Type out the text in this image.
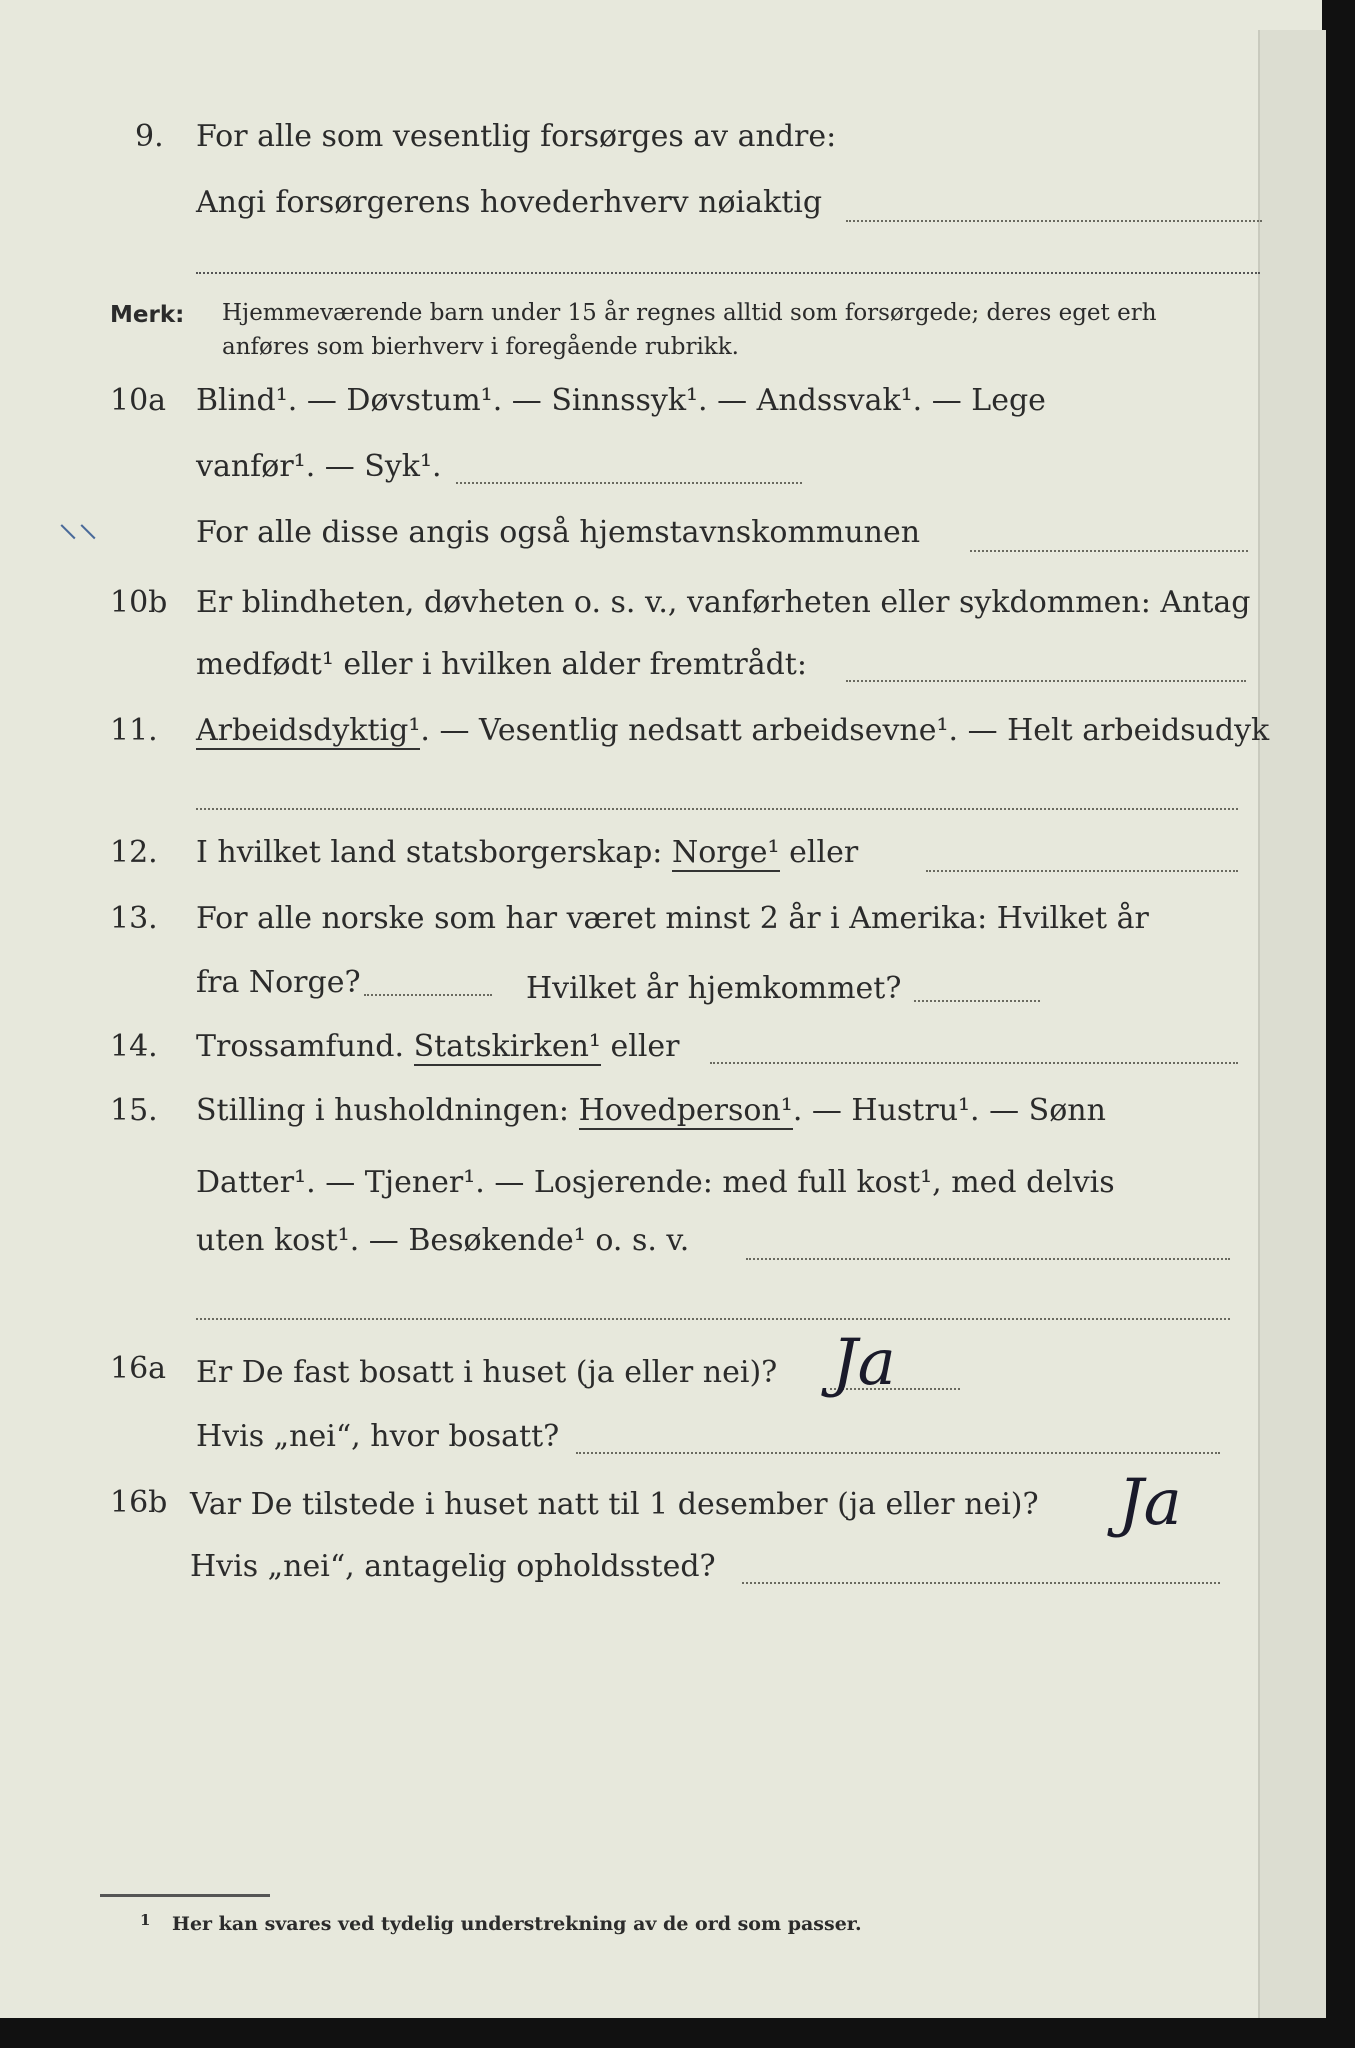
9. For alle som vesentlig forsørges av andre:
Angi forsørgerens hovederhverv nøiaktig
Merk: Hjemmeværende barn under 15 år regnes alltid som forsørgede; deres eget erh
anføres som bierhverv i foregående rubrikk.
10a Blind¹. — Døvstum¹. — Sinnssyk¹. — Andssvak¹. — Lege
vanfør¹. — Syk¹.
For alle disse angis også hjemstavnskommunen
⸜⸜
10b Er blindheten, døvheten o. s. v., vanførheten eller sykdommen: Antag
medfødt¹ eller i hvilken alder fremtrådt:
11. Arbeidsdyktig¹. — Vesentlig nedsatt arbeidsevne¹. — Helt arbeidsudyk
12. I hvilket land statsborgerskap: Norge¹ eller
13. For alle norske som har været minst 2 år i Amerika: Hvilket år
fra Norge?	Hvilket år hjemkommet?
14. Trossamfund. Statskirken¹ eller
15. Stilling i husholdningen: Hovedperson¹. — Hustru¹. — Sønn
Datter¹. — Tjener¹. — Losjerende: med full kost¹, med delvis
uten kost¹. — Besøkende¹ o. s. v.
16a Er De fast bosatt i huset (ja eller nei)? Ja
Hvis „nei“, hvor bosatt?
16b Var De tilstede i huset natt til 1 desember (ja eller nei)? Ja
Hvis „nei“, antagelig opholdssted?
1 Her kan svares ved tydelig understrekning av de ord som passer.
